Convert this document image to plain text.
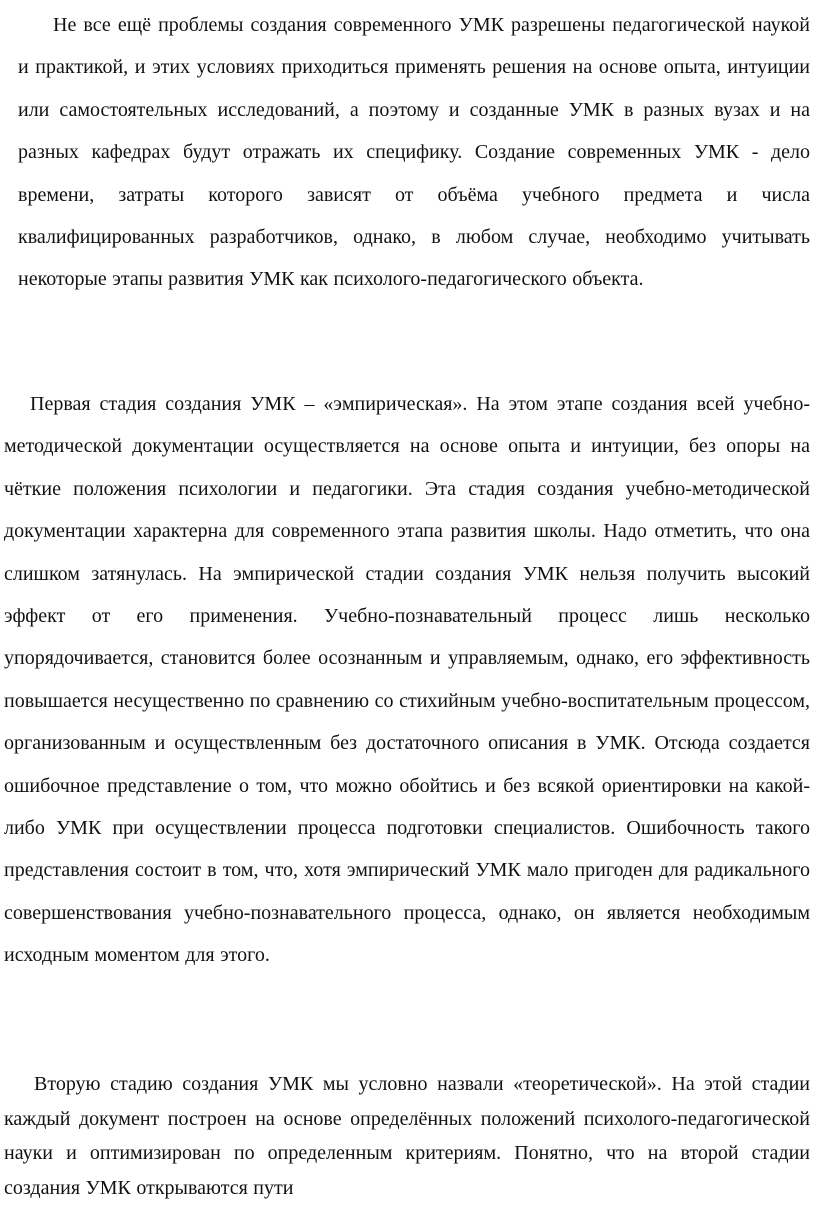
Не все ещё проблемы создания современного УМК разрешены педагогической наукой и практикой, и этих условиях приходиться применять решения на основе опыта, интуиции или самостоятельных исследований, а поэтому и созданные УМК в разных вузах и на разных кафедрах будут отражать их специфику. Создание современных УМК - дело времени, затраты которого зависят от объёма учебного предмета и числа квалифицированных разработчиков, однако, в любом случае, необходимо учитывать некоторые этапы развития УМК как психолого-педагогического объекта.

Первая стадия создания УМК – «эмпирическая». На этом этапе создания всей учебно-методической документации осуществляется на основе опыта и интуиции, без опоры на чёткие положения психологии и педагогики. Эта стадия создания учебно-методической документации характерна для современного этапа развития школы. Надо отметить, что она слишком затянулась. На эмпирической стадии создания УМК нельзя получить высокий эффект от его применения. Учебно-познавательный процесс лишь несколько упорядочивается, становится более осознанным и управляемым, однако, его эффективность повышается несущественно по сравнению со стихийным учебно-воспитательным процессом, организованным и осуществленным без достаточного описания в УМК. Отсюда создается ошибочное представление о том, что можно обойтись и без всякой ориентировки на какой-либо УМК при осуществлении процесса подготовки специалистов. Ошибочность такого представления состоит в том, что, хотя эмпирический УМК мало пригоден для радикального совершенствования учебно-познавательного процесса, однако, он является необходимым исходным моментом для этого.

Вторую стадию создания УМК мы условно назвали «теоретической». На этой стадии каждый документ построен на основе определённых положений психолого-педагогической науки и оптимизирован по определенным критериям. Понятно, что на второй стадии создания УМК открываются пути
